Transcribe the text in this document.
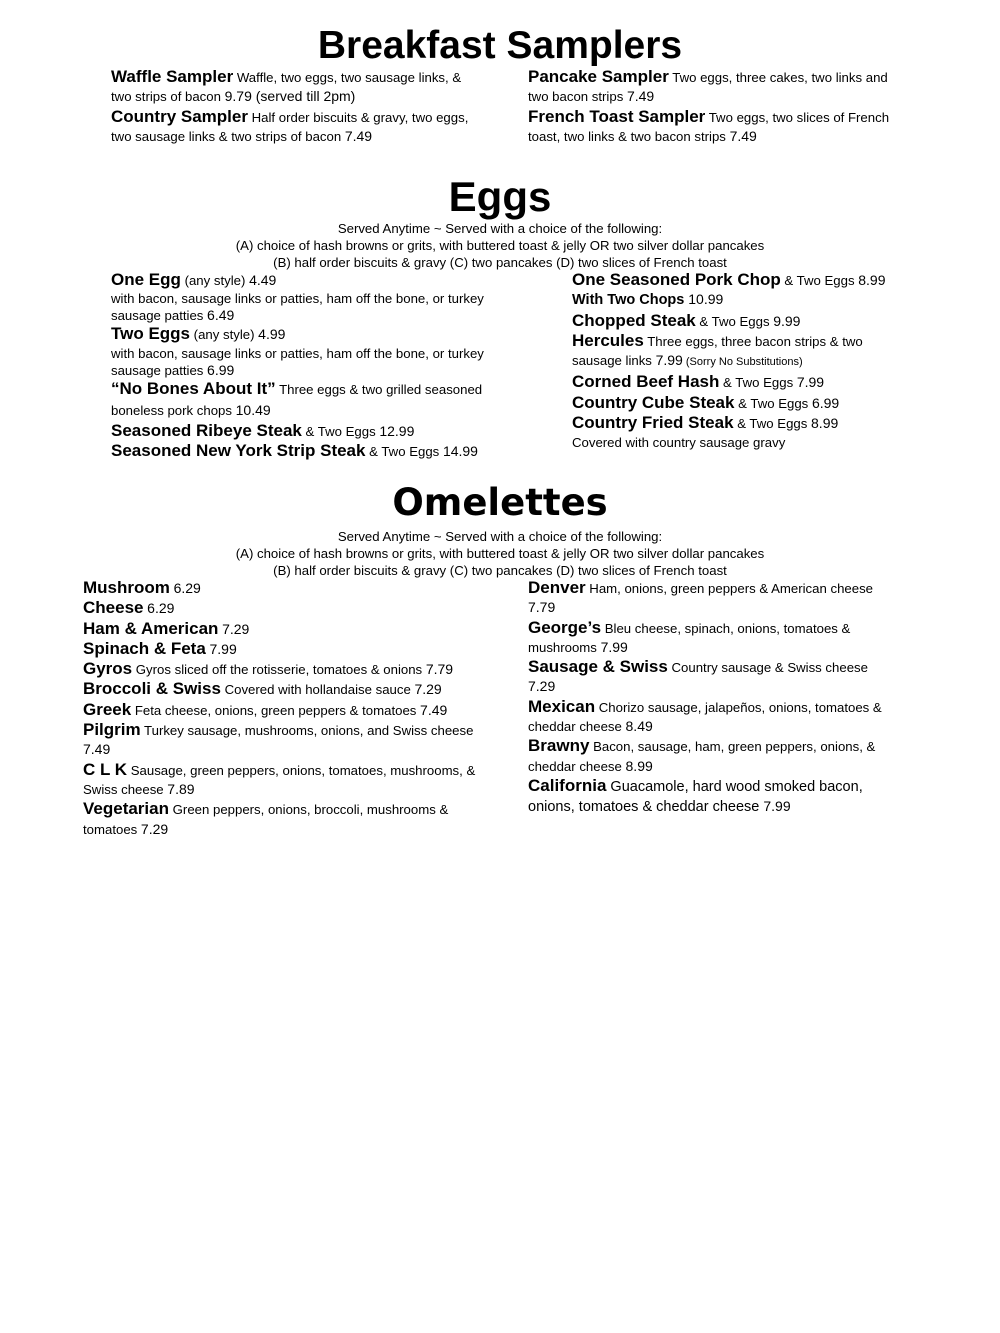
Breakfast Samplers
Waffle Sampler Waffle, two eggs, two sausage links, & two strips of bacon 9.79 (served till 2pm)
Country Sampler Half order biscuits & gravy, two eggs, two sausage links & two strips of bacon 7.49
Pancake Sampler Two eggs, three cakes, two links and two bacon strips 7.49
French Toast Sampler Two eggs, two slices of French toast, two links & two bacon strips 7.49
Eggs
Served Anytime ~ Served with a choice of the following:
(A) choice of hash browns or grits, with buttered toast & jelly OR two silver dollar pancakes
(B) half order biscuits & gravy (C) two pancakes (D) two slices of French toast
One Egg (any style) 4.49
with bacon, sausage links or patties, ham off the bone, or turkey sausage patties 6.49
Two Eggs (any style) 4.99
with bacon, sausage links or patties, ham off the bone, or turkey sausage patties 6.99
“No Bones About It” Three eggs & two grilled seasoned boneless pork chops 10.49
Seasoned Ribeye Steak & Two Eggs 12.99
Seasoned New York Strip Steak & Two Eggs 14.99
One Seasoned Pork Chop & Two Eggs 8.99
With Two Chops 10.99
Chopped Steak & Two Eggs 9.99
Hercules Three eggs, three bacon strips & two sausage links 7.99 (Sorry No Substitutions)
Corned Beef Hash & Two Eggs 7.99
Country Cube Steak & Two Eggs 6.99
Country Fried Steak & Two Eggs 8.99
Covered with country sausage gravy
Omelettes
Served Anytime ~ Served with a choice of the following:
(A) choice of hash browns or grits, with buttered toast & jelly OR two silver dollar pancakes
(B) half order biscuits & gravy (C) two pancakes (D) two slices of French toast
Mushroom 6.29
Cheese 6.29
Ham & American 7.29
Spinach & Feta 7.99
Gyros Gyros sliced off the rotisserie, tomatoes & onions 7.79
Broccoli & Swiss Covered with hollandaise sauce 7.29
Greek Feta cheese, onions, green peppers & tomatoes 7.49
Pilgrim Turkey sausage, mushrooms, onions, and Swiss cheese 7.49
C L K Sausage, green peppers, onions, tomatoes, mushrooms, & Swiss cheese 7.89
Vegetarian Green peppers, onions, broccoli, mushrooms & tomatoes 7.29
Denver Ham, onions, green peppers & American cheese 7.79
George’s Bleu cheese, spinach, onions, tomatoes & mushrooms 7.99
Sausage & Swiss Country sausage & Swiss cheese 7.29
Mexican Chorizo sausage, jalapeños, onions, tomatoes & cheddar cheese 8.49
Brawny Bacon, sausage, ham, green peppers, onions, & cheddar cheese 8.99
California Guacamole, hard wood smoked bacon, onions, tomatoes & cheddar cheese 7.99
